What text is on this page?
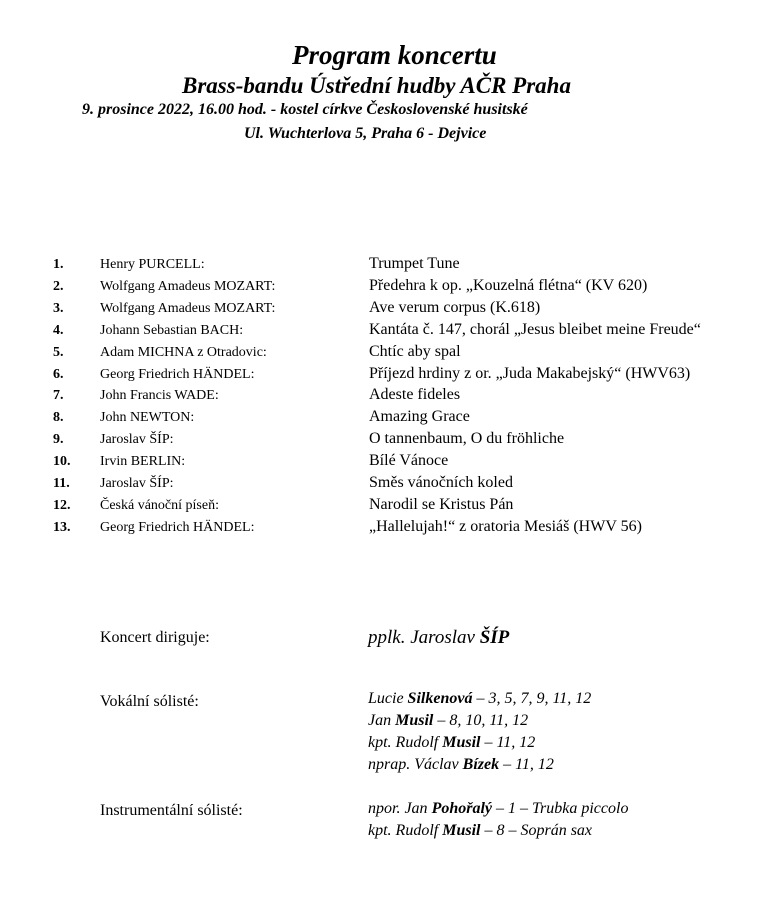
Program koncertu
Brass-bandu Ústřední hudby AČR Praha
9. prosince 2022, 16.00 hod. - kostel církve Československé husitské
Ul. Wuchterlova 5, Praha 6 - Dejvice
1.	Henry PURCELL:	Trumpet Tune
2.	Wolfgang Amadeus MOZART:	Předehra k op. „Kouzelná flétna“ (KV 620)
3.	Wolfgang Amadeus MOZART:	Ave verum corpus (K.618)
4.	Johann Sebastian BACH:	Kantáta č. 147, chorál „Jesus bleibet meine Freude“
5.	Adam MICHNA z Otradovic:	Chtíc aby spal
6.	Georg Friedrich HÄNDEL:	Příjezd hrdiny z or. „Juda Makabejský“ (HWV63)
7.	John Francis WADE:	Adeste fideles
8.	John NEWTON:	Amazing Grace
9.	Jaroslav ŠÍP:	O tannenbaum, O du fröhliche
10. Irvin BERLIN:	Bílé Vánoce
11. Jaroslav ŠÍP:	Směs vánočních koled
12. Česká vánoční píseň:	Narodil se Kristus Pán
13. Georg Friedrich HÄNDEL:	„Hallelujah!“ z oratoria Mesiáš (HWV 56)
Koncert diriguje:	pplk. Jaroslav ŠÍP
Vokální sólisté:	Lucie Silkenová – 3, 5, 7, 9, 11, 12
Jan Musil – 8, 10, 11, 12
kpt. Rudolf Musil – 11, 12
nprap. Václav Bízek – 11, 12
Instrumentální sólisté:	npor. Jan Pohořalý – 1 – Trubka piccolo
kpt. Rudolf Musil – 8 – Soprán sax
